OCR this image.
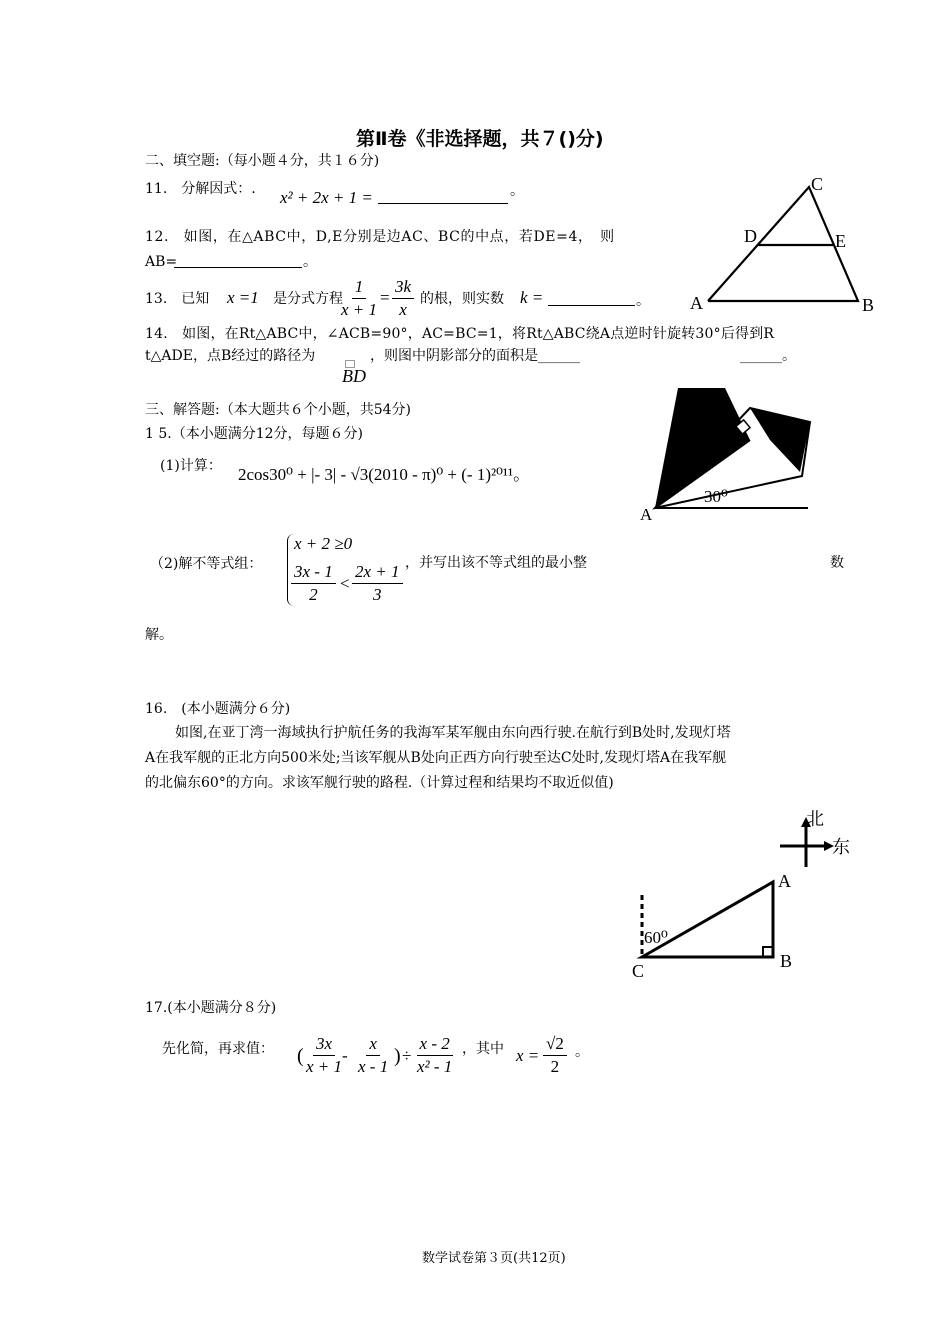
第Ⅱ卷《非选择题，共７()分)
二、填空题:（每小题４分，共１６分)
11.　分解因式：. x² + 2x + 1 =	。
12.　如图，在△ABC中，D,E分别是边AC、BC的中点，若DE=4，　则
AB=	。
13.　已知 x =1 是分式方程
$\frac{1}{x + 1} = \frac{3k}{x}$ 的根，则实数 k =	。
14.　如图，在Rt△ABC中，∠ACB=90°，AC=BC=1，将Rt△ABC绕A点逆时针旋转30°后得到R
t△ADE，点B经过的路径为
BD
，则图中阴影部分的面积是______	______。
C
D	E
A	B
三、解答题:（本大题共６个小题，共54分)
1 5.（本小题满分12分，每题６分)
(1)计算： 2cos30⁰ + |- 3| - √3(2010 - π)⁰ + (- 1)²⁰¹¹。
A
30⁰
（2)解不等式组：
x + 2 ≥0
$\frac{3x - 1}{2} < \frac{2x + 1}{3}$ ，并写出该不等式组的最小整	数
解。
16.　(本小题满分６分)
如图,在亚丁湾一海域执行护航任务的我海军某军舰由东向西行驶.在航行到B处时,发现灯塔
A在我军舰的正北方向500米处;当该军舰从B处向正西方向行驶至达C处时,发现灯塔A在我军舰
的北偏东60°的方向。求该军舰行驶的路程.（计算过程和结果均不取近似值)
北
东
A
60⁰
C	B
17.(本小题满分８分)
先化简，再求值： ( $\frac{3x}{x + 1}$
- $\frac{x}{x - 1}$ ) ÷ $\frac{x - 2}{\text{x² - 1}}$ ，其中 $x = \frac{√2}{2}$ 。
数学试卷第３页(共12页)
